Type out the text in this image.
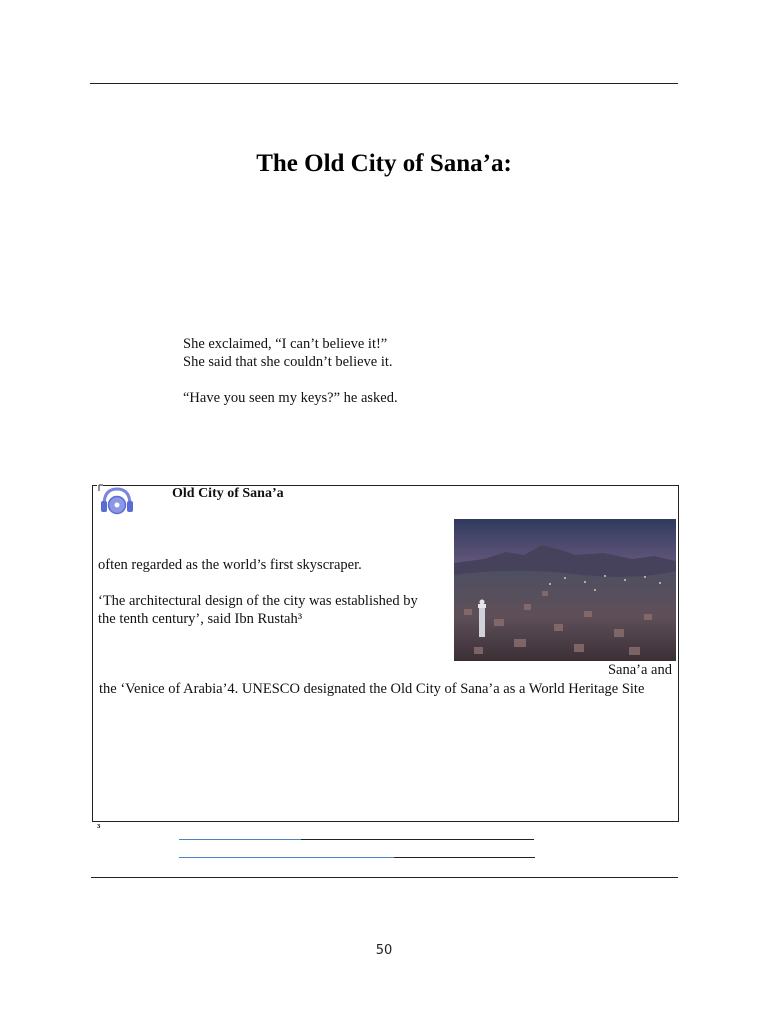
The Old City of Sana’a:
She exclaimed, “I can’t believe it!”
She said that she couldn’t believe it.
“Have you seen my keys?” he asked.
Old City of Sana’a
often regarded as the world’s first skyscraper.
‘The architectural design of the city was established by
the tenth century’, said Ibn Rustah³
Sana’a and
the ‘Venice of Arabia’4. UNESCO designated the Old City of Sana’a as a World Heritage Site
³
50
